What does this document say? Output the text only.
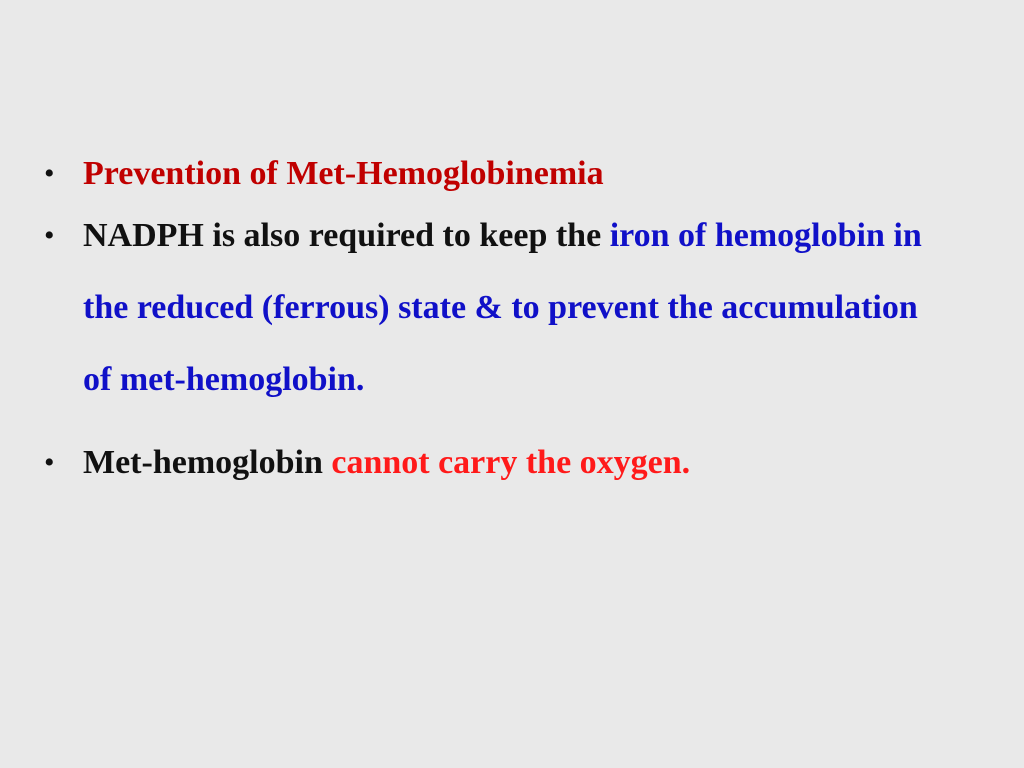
• Prevention of Met-Hemoglobinemia
• NADPH is also required to keep the iron of hemoglobin in the reduced (ferrous) state & to prevent the accumulation of met-hemoglobin.
• Met-hemoglobin cannot carry the oxygen.
